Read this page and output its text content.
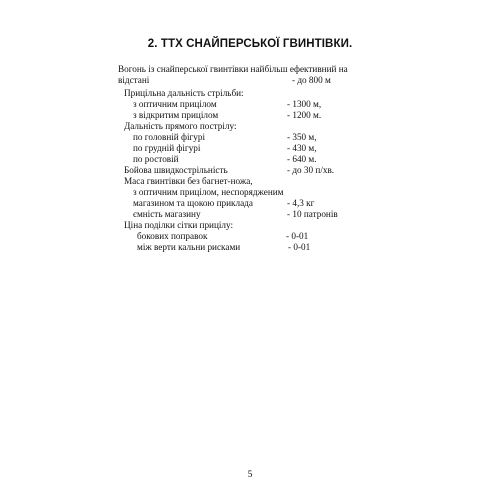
2. ТТХ СНАЙПЕРСЬКОЇ ГВИНТІВКИ.
Вогонь із снайперської гвинтівки найбільш ефективний на
відстані	- до 800 м
Прицільна дальність стрільби:
з оптичним прицілом	- 1300 м,
з відкритим прицілом	- 1200 м.
Дальність прямого пострілу:
по головній фігурі	- 350 м,
по грудній фігурі	- 430 м,
по ростовій	- 640 м.
Бойова швидкострільність	- до 30 п/хв.
Маса гвинтівки без багнет-ножа,
з оптичним прицілом, неспорядженим
магазином та щокою приклада	- 4,3 кг
ємність магазину	- 10 патронів
Ціна поділки сітки прицілу:
бокових поправок	- 0-01
між верти кальни рисками	- 0-01
5
